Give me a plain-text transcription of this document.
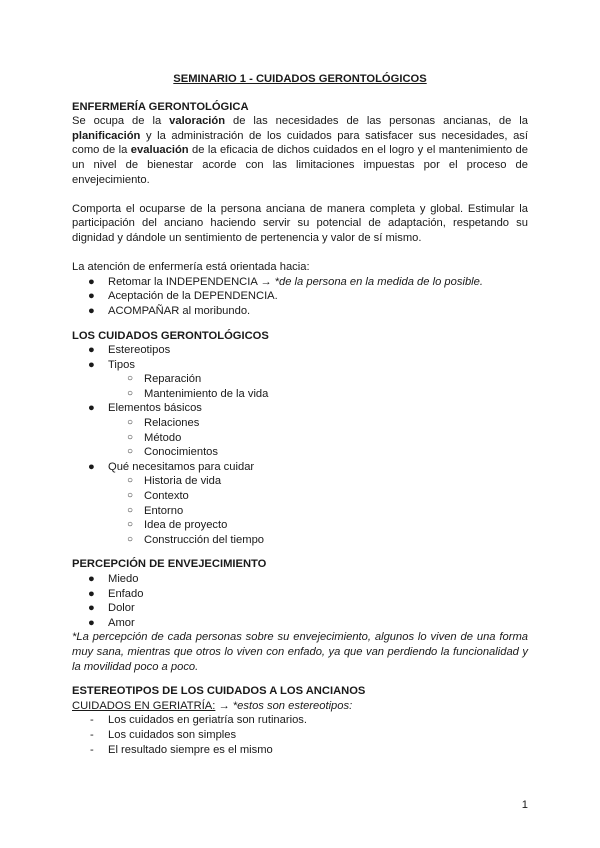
SEMINARIO 1 - CUIDADOS GERONTOLÓGICOS

ENFERMERÍA GERONTOLÓGICA

Se ocupa de la valoración de las necesidades de las personas ancianas, de la planificación y la administración de los cuidados para satisfacer sus necesidades, así como de la evaluación de la eficacia de dichos cuidados en el logro y el mantenimiento de un nivel de bienestar acorde con las limitaciones impuestas por el proceso de envejecimiento.

Comporta el ocuparse de la persona anciana de manera completa y global. Estimular la participación del anciano haciendo servir su potencial de adaptación, respetando su dignidad y dándole un sentimiento de pertenencia y valor de sí mismo.

La atención de enfermería está orientada hacia:

● Retomar la INDEPENDENCIA → *de la persona en la medida de lo posible.
● Aceptación de la DEPENDENCIA.
● ACOMPAÑAR al moribundo.

LOS CUIDADOS GERONTOLÓGICOS

● Estereotipos
● Tipos
○ Reparación
○ Mantenimiento de la vida
● Elementos básicos
○ Relaciones
○ Método
○ Conocimientos
● Qué necesitamos para cuidar
○ Historia de vida
○ Contexto
○ Entorno
○ Idea de proyecto
○ Construcción del tiempo

PERCEPCIÓN DE ENVEJECIMIENTO

● Miedo
● Enfado
● Dolor
● Amor

*La percepción de cada personas sobre su envejecimiento, algunos lo viven de una forma muy sana, mientras que otros lo viven con enfado, ya que van perdiendo la funcionalidad y la movilidad poco a poco.

ESTEREOTIPOS DE LOS CUIDADOS A LOS ANCIANOS

CUIDADOS EN GERIATRÍA: → *estos son estereotipos:

- Los cuidados en geriatría son rutinarios.
- Los cuidados son simples
- El resultado siempre es el mismo
1
